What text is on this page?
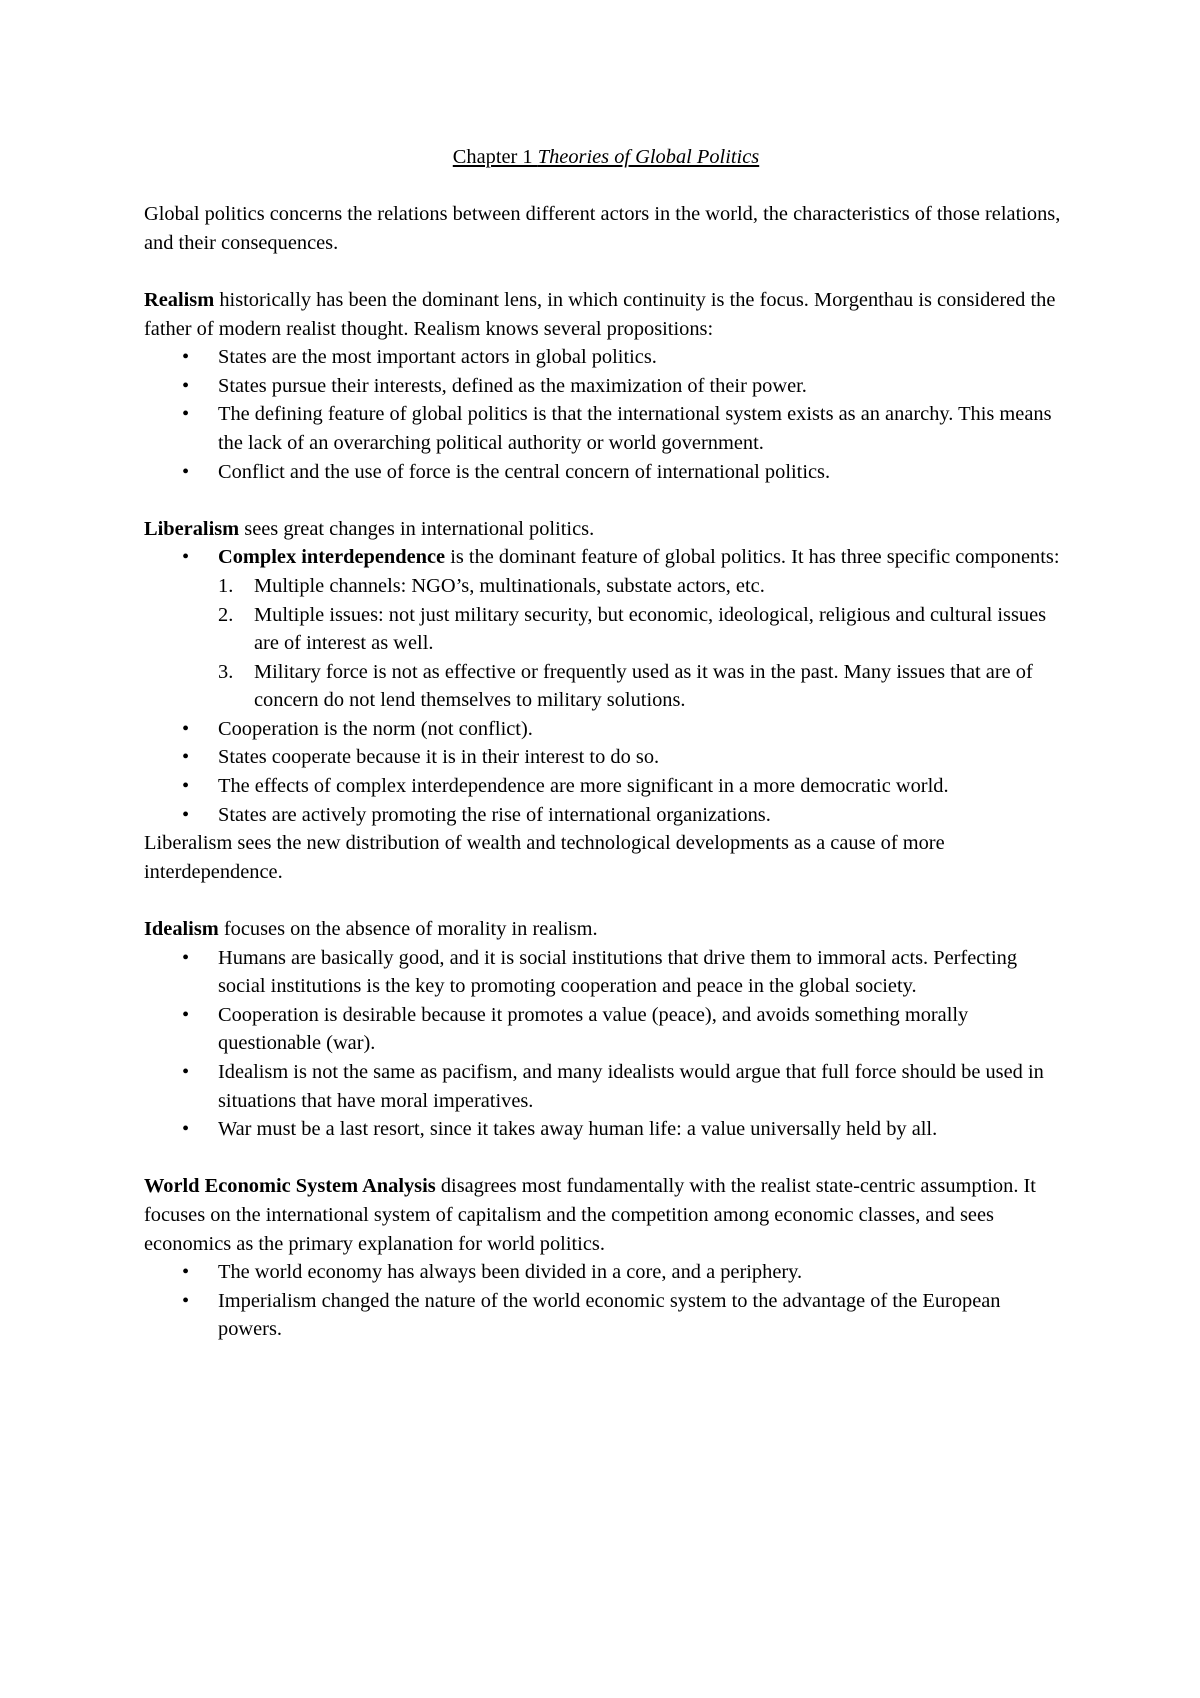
Chapter 1 Theories of Global Politics

Global politics concerns the relations between different actors in the world, the characteristics of those relations, and their consequences.

Realism historically has been the dominant lens, in which continuity is the focus. Morgenthau is considered the father of modern realist thought. Realism knows several propositions:

• States are the most important actors in global politics.
• States pursue their interests, defined as the maximization of their power.
• The defining feature of global politics is that the international system exists as an anarchy. This means the lack of an overarching political authority or world government.
• Conflict and the use of force is the central concern of international politics.

Liberalism sees great changes in international politics.

• Complex interdependence is the dominant feature of global politics. It has three specific components:
1. Multiple channels: NGO’s, multinationals, substate actors, etc.
2. Multiple issues: not just military security, but economic, ideological, religious and cultural issues are of interest as well.
3. Military force is not as effective or frequently used as it was in the past. Many issues that are of concern do not lend themselves to military solutions.
• Cooperation is the norm (not conflict).
• States cooperate because it is in their interest to do so.
• The effects of complex interdependence are more significant in a more democratic world.
• States are actively promoting the rise of international organizations.

Liberalism sees the new distribution of wealth and technological developments as a cause of more interdependence.

Idealism focuses on the absence of morality in realism.

• Humans are basically good, and it is social institutions that drive them to immoral acts. Perfecting social institutions is the key to promoting cooperation and peace in the global society.
• Cooperation is desirable because it promotes a value (peace), and avoids something morally questionable (war).
• Idealism is not the same as pacifism, and many idealists would argue that full force should be used in situations that have moral imperatives.
• War must be a last resort, since it takes away human life: a value universally held by all.

World Economic System Analysis disagrees most fundamentally with the realist state-centric assumption. It focuses on the international system of capitalism and the competition among economic classes, and sees economics as the primary explanation for world politics.

• The world economy has always been divided in a core, and a periphery.
• Imperialism changed the nature of the world economic system to the advantage of the European powers.
